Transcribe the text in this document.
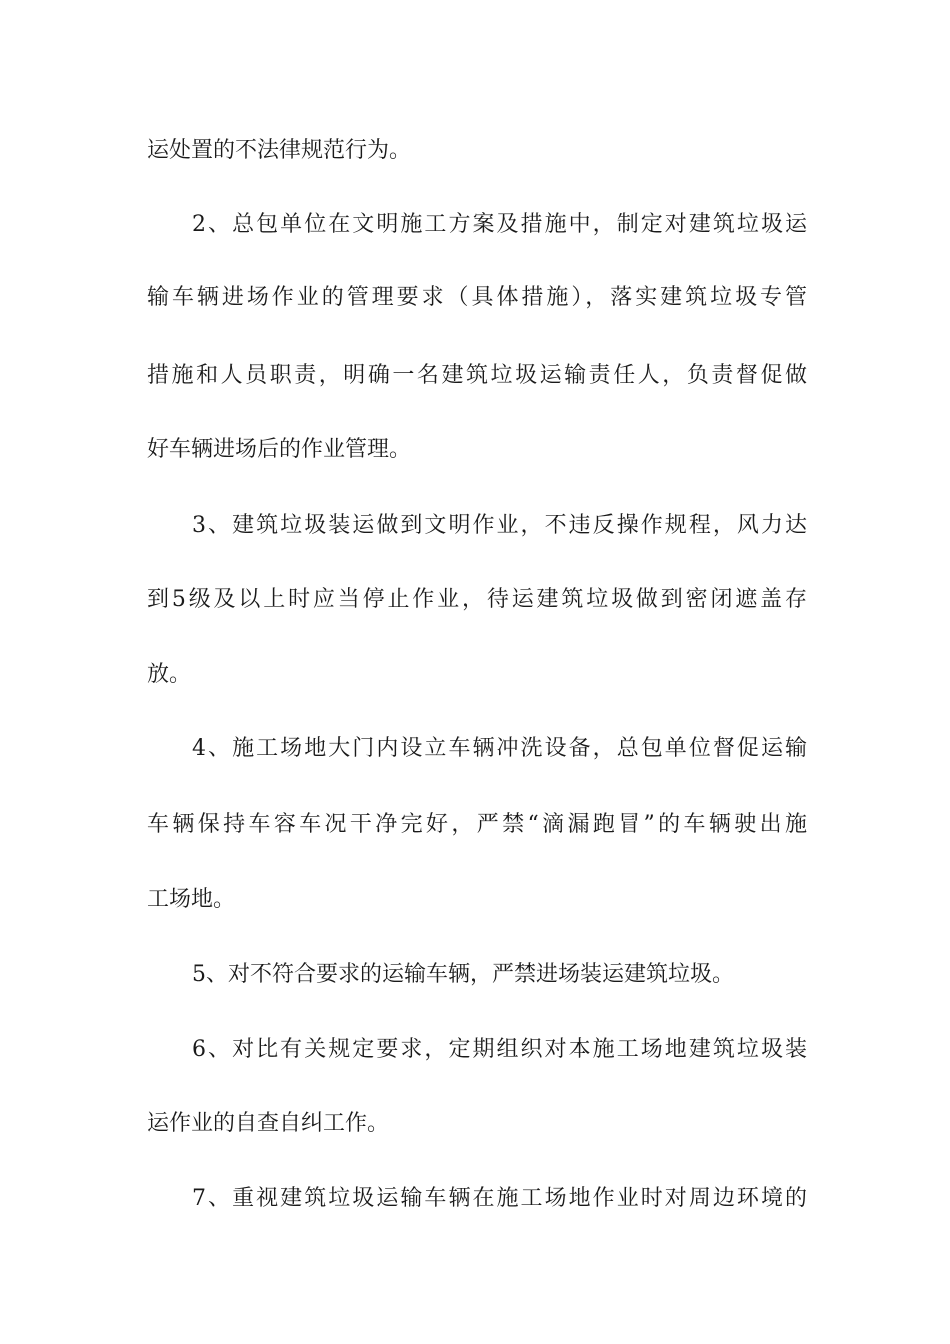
运处置的不法律规范行为。
2、总包单位在文明施工方案及措施中，制定对建筑垃圾运
输车辆进场作业的管理要求（具体措施），落实建筑垃圾专管
措施和人员职责，明确一名建筑垃圾运输责任人，负责督促做
好车辆进场后的作业管理。
3、建筑垃圾装运做到文明作业，不违反操作规程，风力达
到5级及以上时应当停止作业，待运建筑垃圾做到密闭遮盖存
放。
4、施工场地大门内设立车辆冲洗设备，总包单位督促运输
车辆保持车容车况干净完好，严禁“滴漏跑冒”的车辆驶出施
工场地。
5、对不符合要求的运输车辆，严禁进场装运建筑垃圾。
6、对比有关规定要求，定期组织对本施工场地建筑垃圾装
运作业的自查自纠工作。
7、重视建筑垃圾运输车辆在施工场地作业时对周边环境的
